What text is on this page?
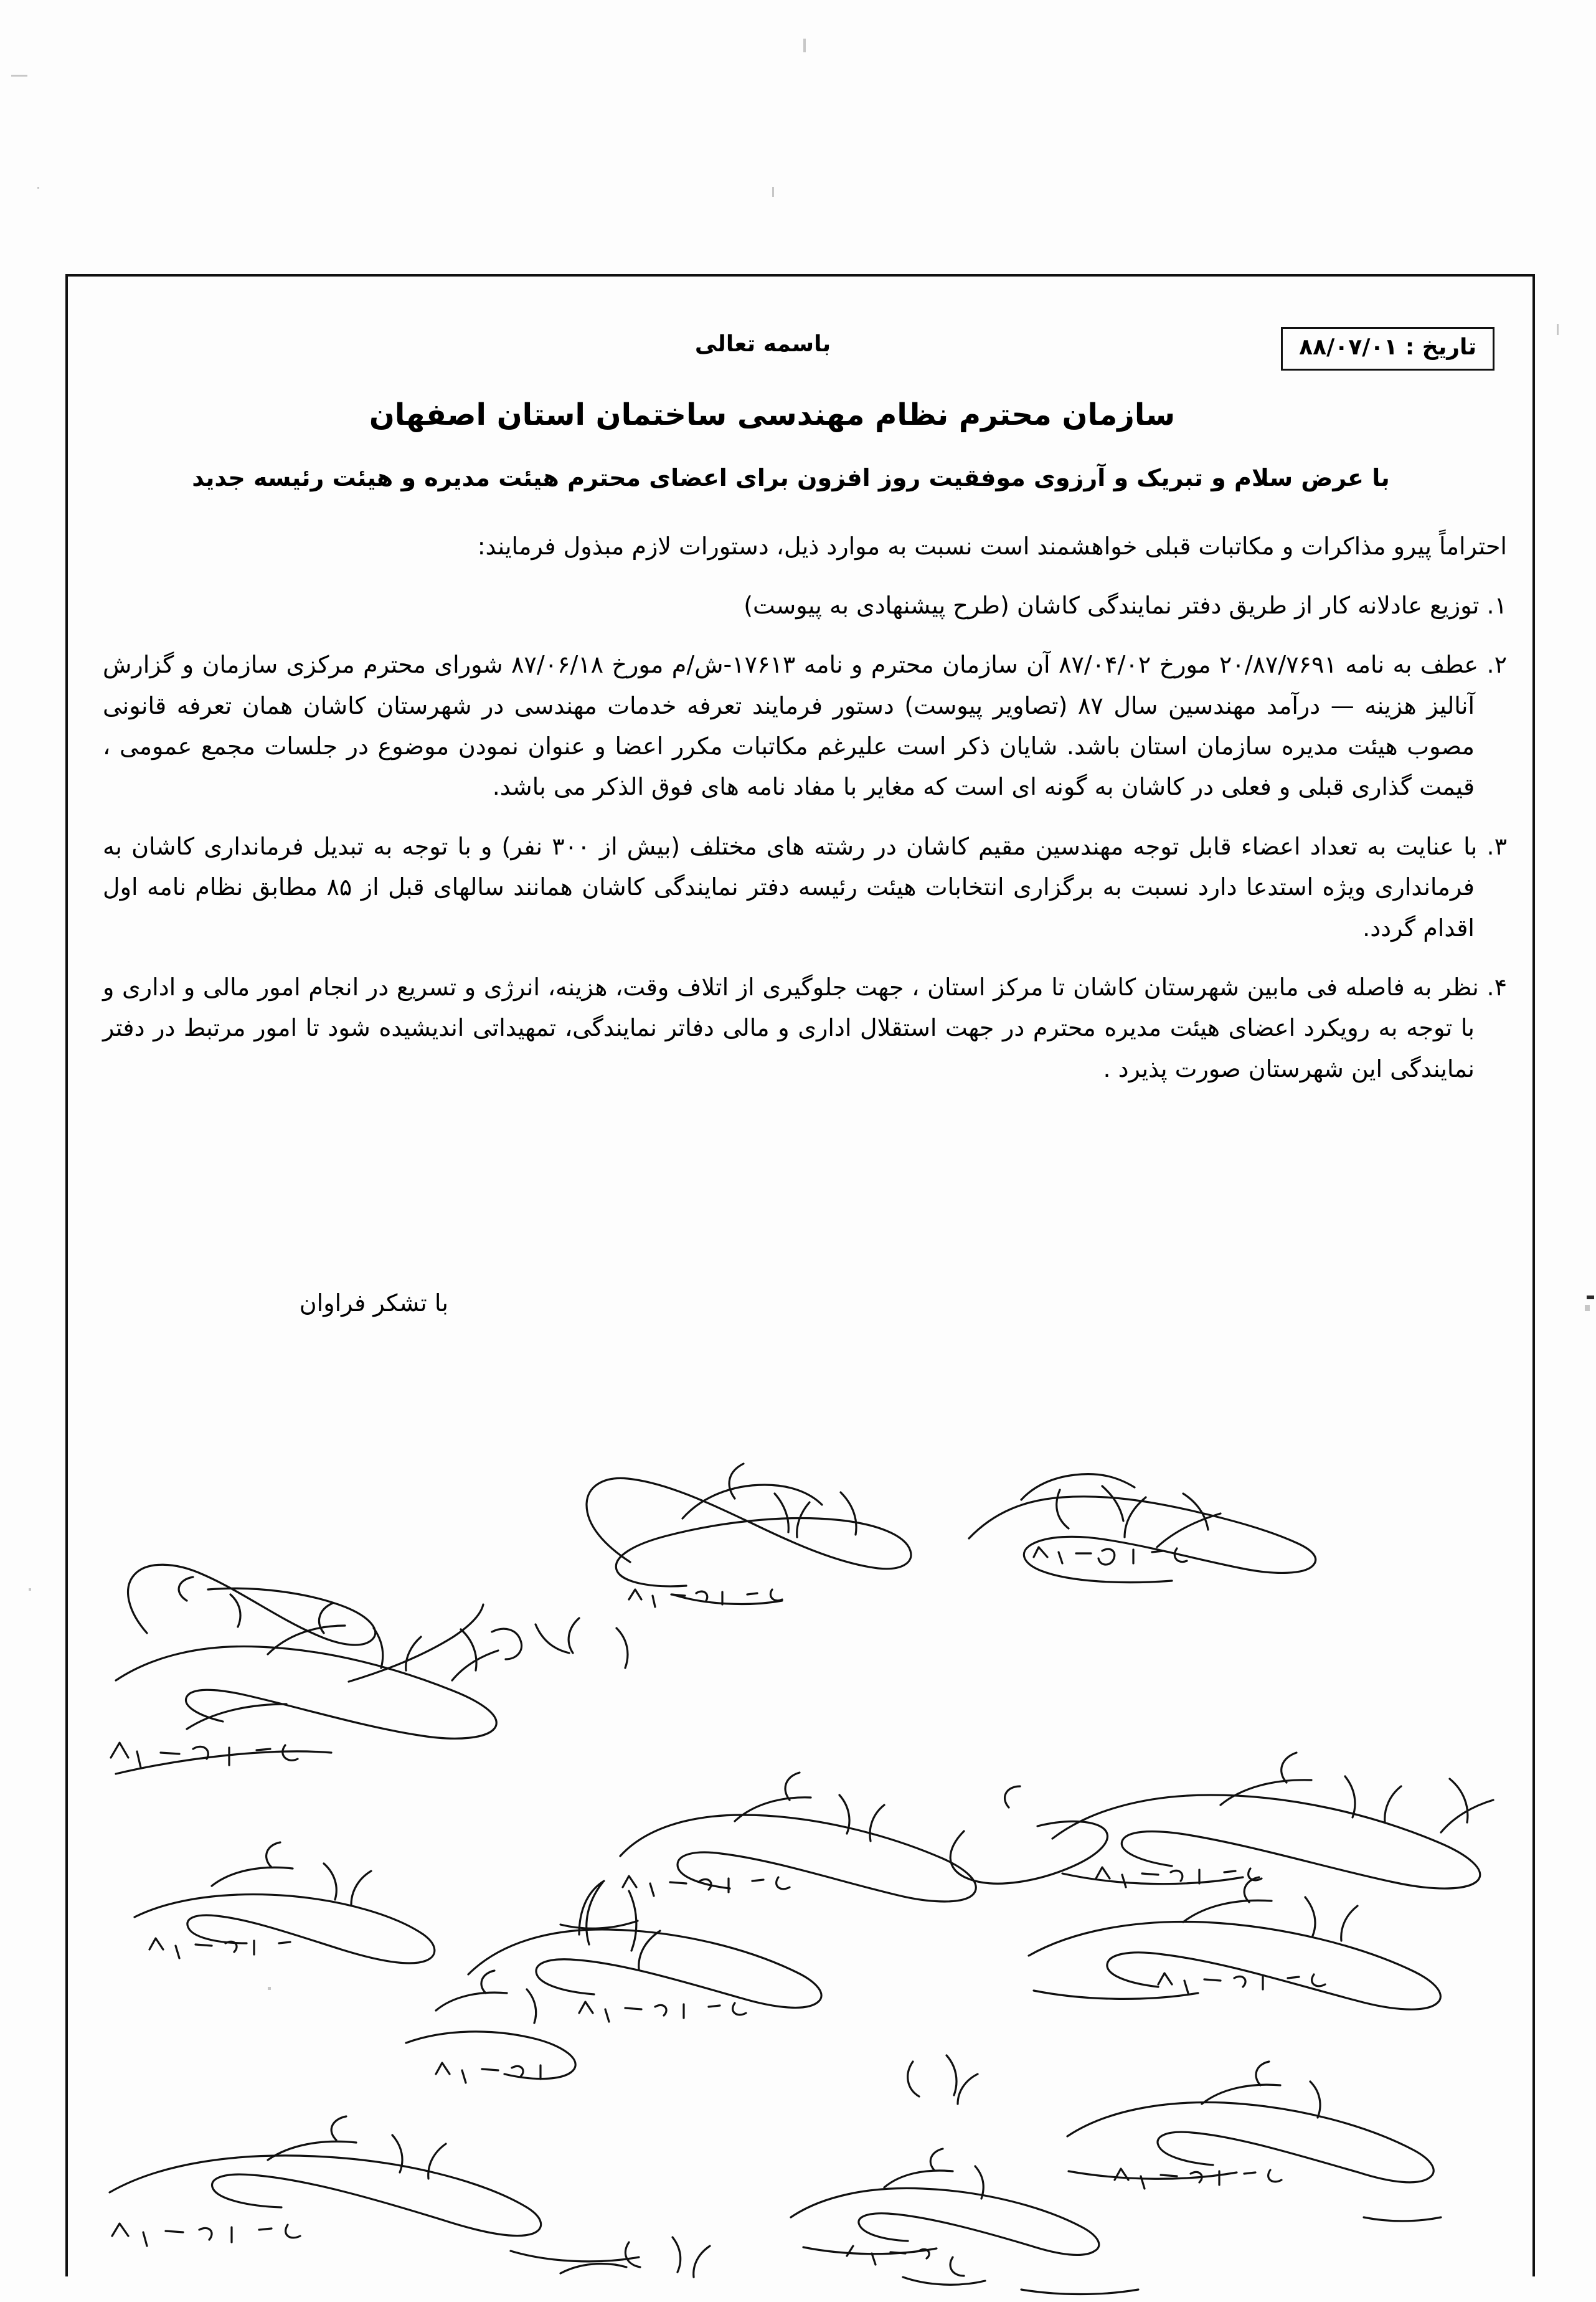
تاریخ : ۸۸/۰۷/۰۱
باسمه تعالی
سازمان محترم نظام مهندسی ساختمان استان اصفهان
با عرض سلام و تبریک و آرزوی موفقیت روز افزون برای اعضای محترم هیئت مدیره و هیئت رئیسه جدید
احتراماً پیرو مذاکرات و مکاتبات قبلی خواهشمند است نسبت به موارد ذیل، دستورات لازم مبذول فرمایند:

۱. توزیع عادلانه کار از طریق دفتر نمایندگی کاشان (طرح پیشنهادی به پیوست)

۲. عطف به نامه ۲۰/۸۷/۷۶۹۱ مورخ ۸۷/۰۴/۰۲ آن سازمان محترم و نامه ۱۷۶۱۳-ش/م مورخ ۸۷/۰۶/۱۸ شورای محترم مرکزی سازمان و گزارش آنالیز هزینه — درآمد مهندسین سال ۸۷ (تصاویر پیوست) دستور فرمایند تعرفه خدمات مهندسی در شهرستان کاشان همان تعرفه قانونی مصوب هیئت مدیره سازمان استان باشد. شایان ذکر است علیرغم مکاتبات مکرر اعضا و عنوان نمودن موضوع در جلسات مجمع عمومی ، قیمت گذاری قبلی و فعلی در کاشان به گونه ای است که مغایر با مفاد نامه های فوق الذکر می باشد.

۳. با عنایت به تعداد اعضاء قابل توجه مهندسین مقیم کاشان در رشته های مختلف (بیش از ۳۰۰ نفر) و با توجه به تبدیل فرمانداری کاشان به فرمانداری ویژه استدعا دارد نسبت به برگزاری انتخابات هیئت رئیسه دفتر نمایندگی کاشان همانند سالهای قبل از ۸۵ مطابق نظام نامه اول اقدام گردد.

۴. نظر به فاصله فی مابین شهرستان کاشان تا مرکز استان ، جهت جلوگیری از اتلاف وقت، هزینه، انرژی و تسریع در انجام امور مالی و اداری و با توجه به رویکرد اعضای هیئت مدیره محترم در جهت استقلال اداری و مالی دفاتر نمایندگی، تمهیداتی اندیشیده شود تا امور مرتبط در دفتر نمایندگی این شهرستان صورت پذیرد .

با تشکر فراوان
